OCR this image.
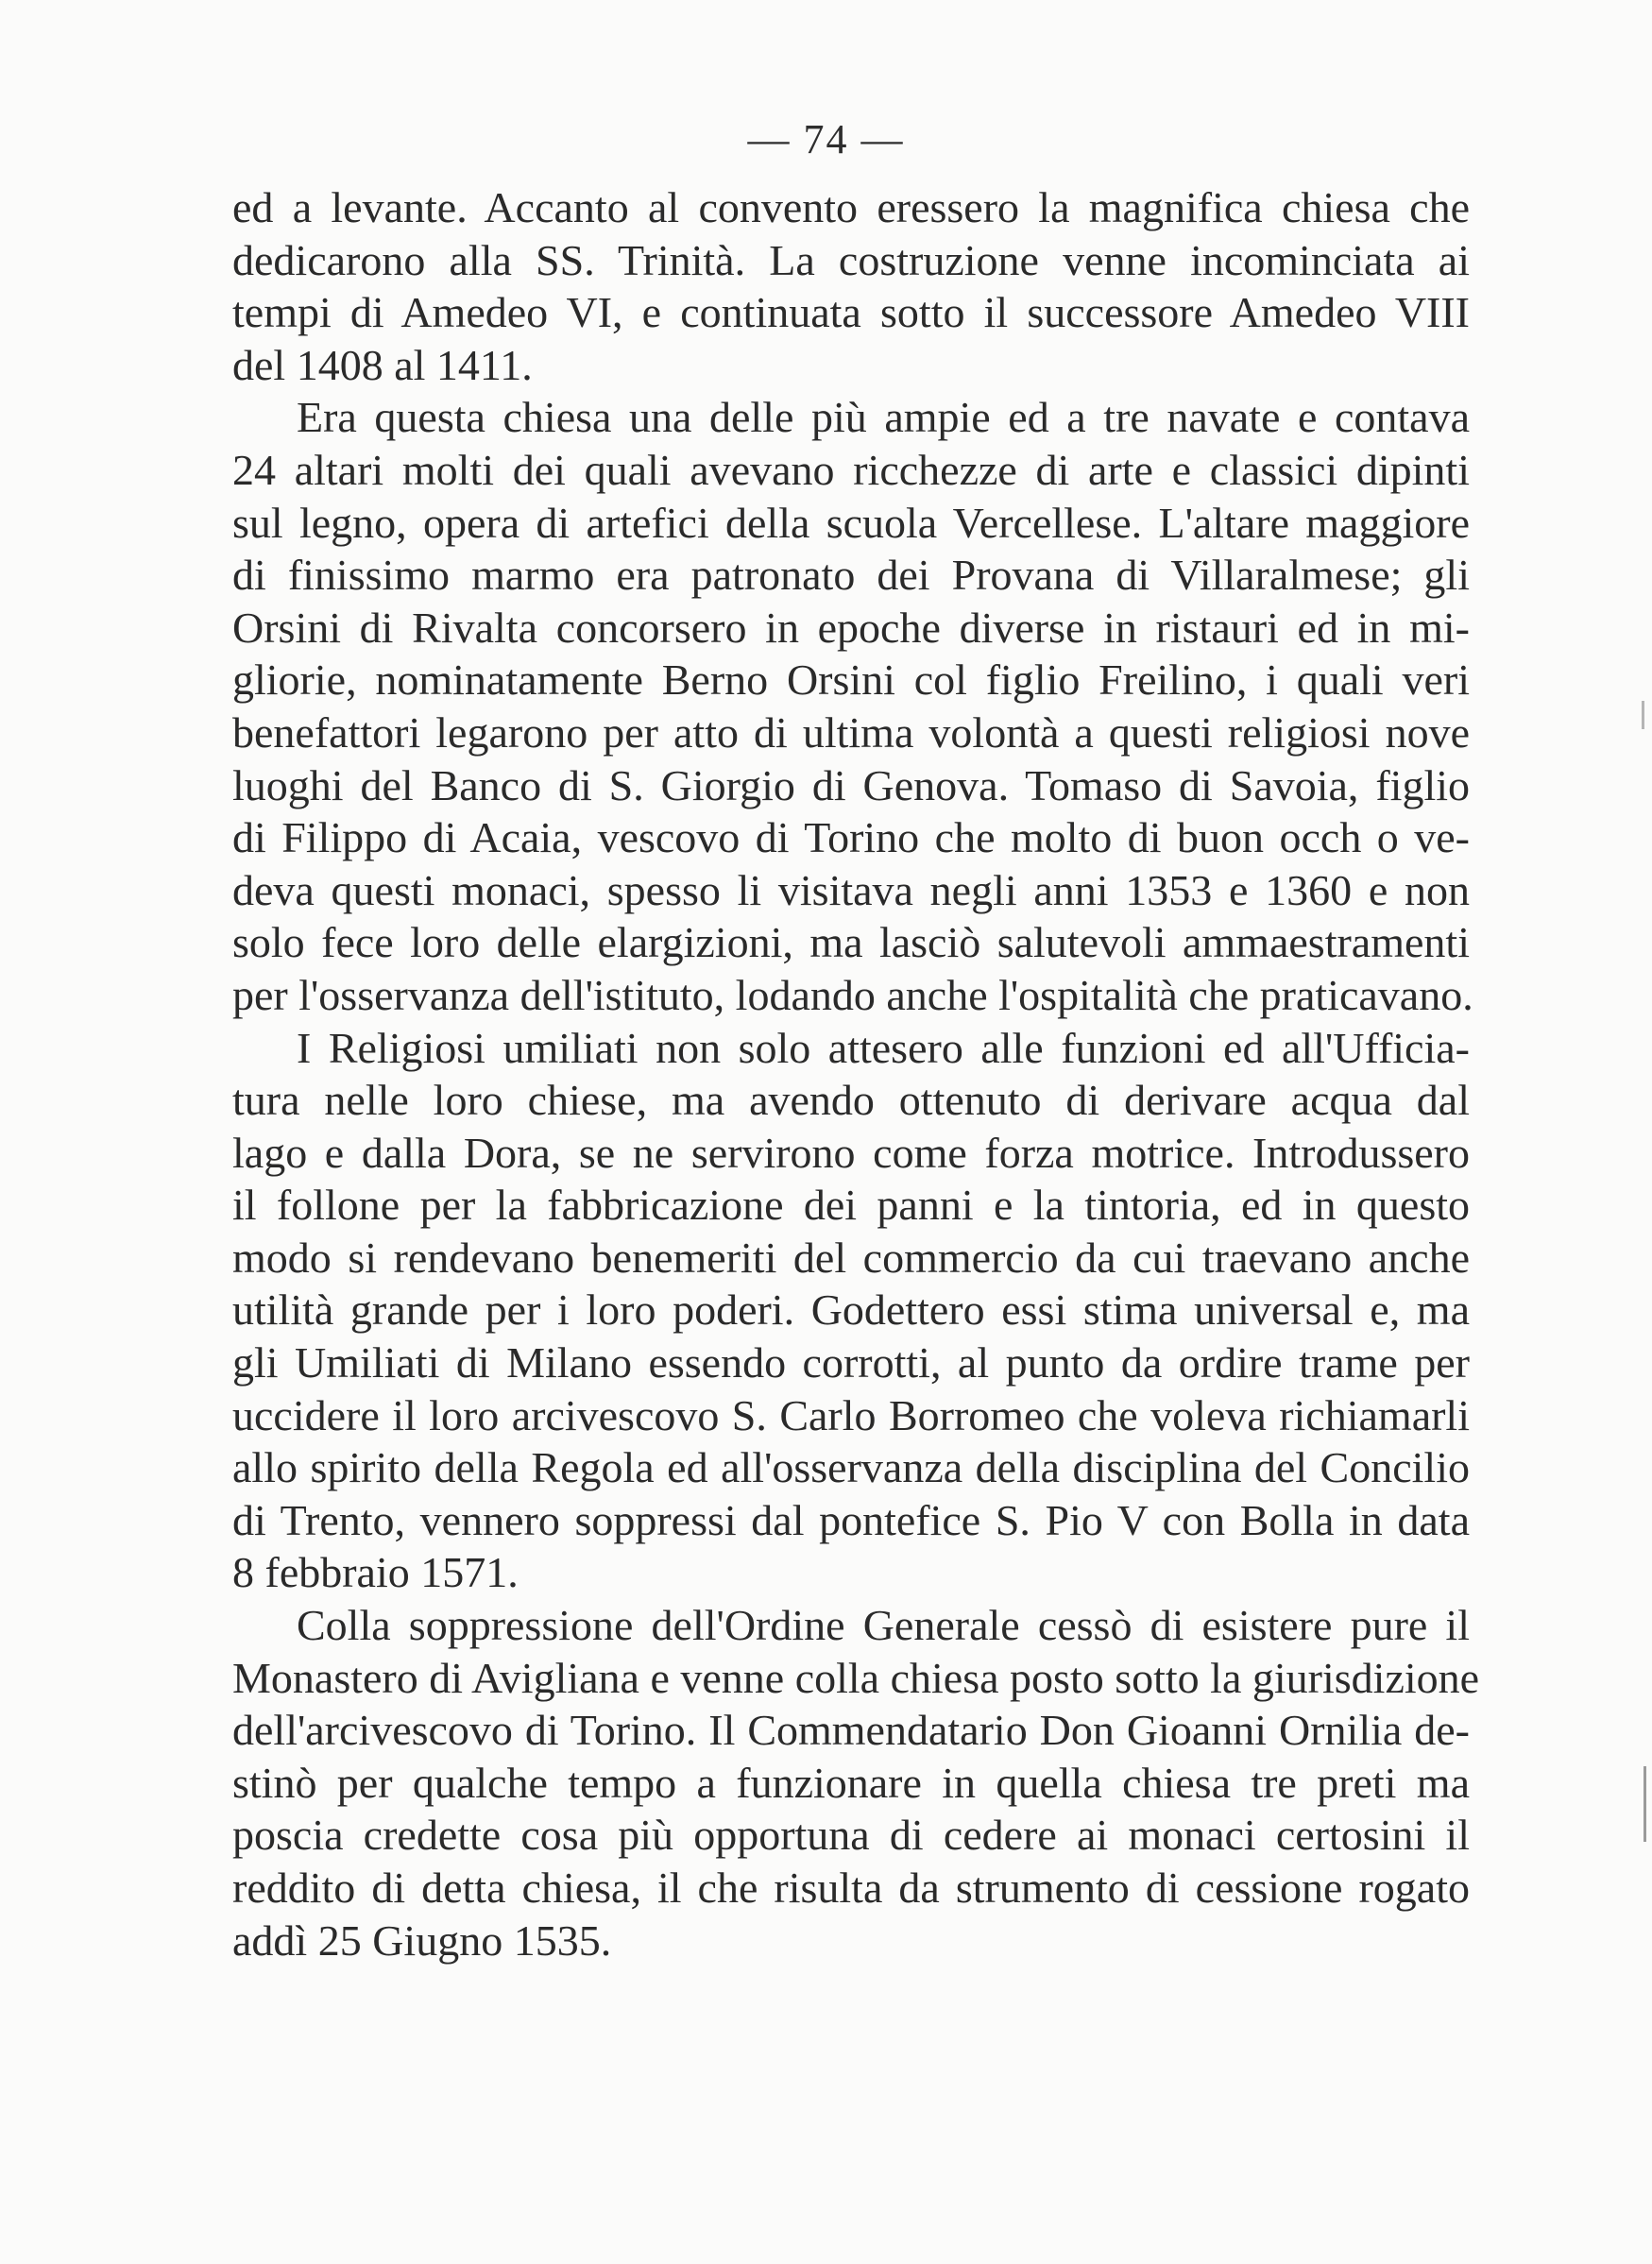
— 74 —
ed a levante. Accanto al convento eressero la magnifica chiesa che
dedicarono alla SS. Trinità. La costruzione venne incominciata ai
tempi di Amedeo VI, e continuata sotto il successore Amedeo VIII
del 1408 al 1411.
Era questa chiesa una delle più ampie ed a tre navate e contava
24 altari molti dei quali avevano ricchezze di arte e classici dipinti
sul legno, opera di artefici della scuola Vercellese. L'altare maggiore
di finissimo marmo era patronato dei Provana di Villaralmese; gli
Orsini di Rivalta concorsero in epoche diverse in ristauri ed in mi-
gliorie, nominatamente Berno Orsini col figlio Freilino, i quali veri
benefattori legarono per atto di ultima volontà a questi religiosi nove
luoghi del Banco di S. Giorgio di Genova. Tomaso di Savoia, figlio
di Filippo di Acaia, vescovo di Torino che molto di buon occh o ve-
deva questi monaci, spesso li visitava negli anni 1353 e 1360 e non
solo fece loro delle elargizioni, ma lasciò salutevoli ammaestramenti
per l'osservanza dell'istituto, lodando anche l'ospitalità che praticavano.
I Religiosi umiliati non solo attesero alle funzioni ed all'Ufficia-
tura nelle loro chiese, ma avendo ottenuto di derivare acqua dal
lago e dalla Dora, se ne servirono come forza motrice. Introdussero
il follone per la fabbricazione dei panni e la tintoria, ed in questo
modo si rendevano benemeriti del commercio da cui traevano anche
utilità grande per i loro poderi. Godettero essi stima universal e, ma
gli Umiliati di Milano essendo corrotti, al punto da ordire trame per
uccidere il loro arcivescovo S. Carlo Borromeo che voleva richiamarli
allo spirito della Regola ed all'osservanza della disciplina del Concilio
di Trento, vennero soppressi dal pontefice S. Pio V con Bolla in data
8 febbraio 1571.
Colla soppressione dell'Ordine Generale cessò di esistere pure il
Monastero di Avigliana e venne colla chiesa posto sotto la giurisdizione
dell'arcivescovo di Torino. Il Commendatario Don Gioanni Ornilia de-
stinò per qualche tempo a funzionare in quella chiesa tre preti ma
poscia credette cosa più opportuna di cedere ai monaci certosini il
reddito di detta chiesa, il che risulta da strumento di cessione rogato
addì 25 Giugno 1535.
